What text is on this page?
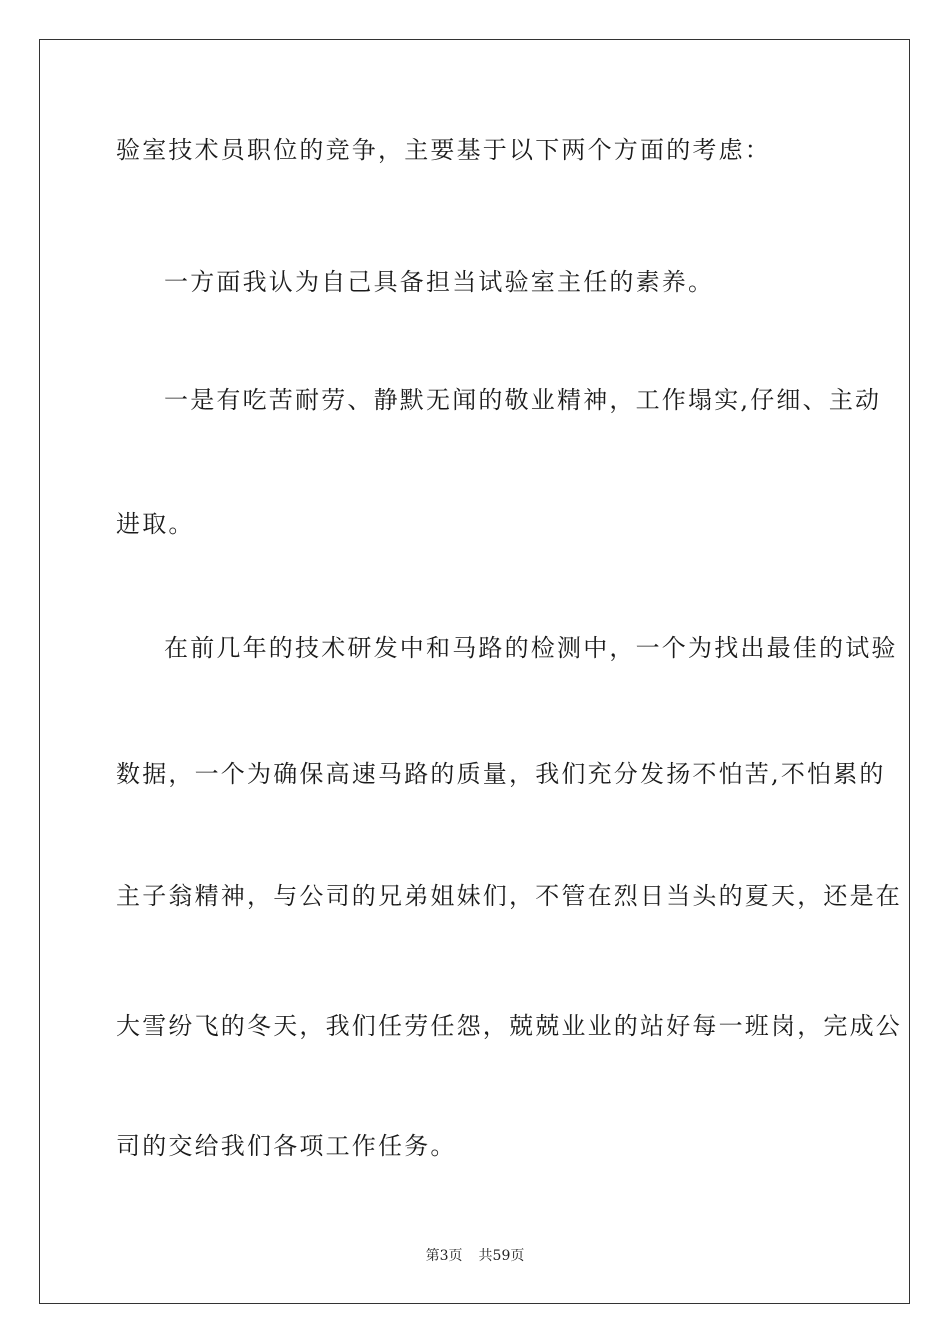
验室技术员职位的竞争，主要基于以下两个方面的考虑：
一方面我认为自己具备担当试验室主任的素养。
一是有吃苦耐劳、静默无闻的敬业精神，工作塌实,仔细、主动
进取。
在前几年的技术研发中和马路的检测中，一个为找出最佳的试验
数据，一个为确保高速马路的质量，我们充分发扬不怕苦,不怕累的
主子翁精神，与公司的兄弟姐妹们，不管在烈日当头的夏天，还是在
大雪纷飞的冬天，我们任劳任怨，兢兢业业的站好每一班岗，完成公
司的交给我们各项工作任务。
第3页 共59页
